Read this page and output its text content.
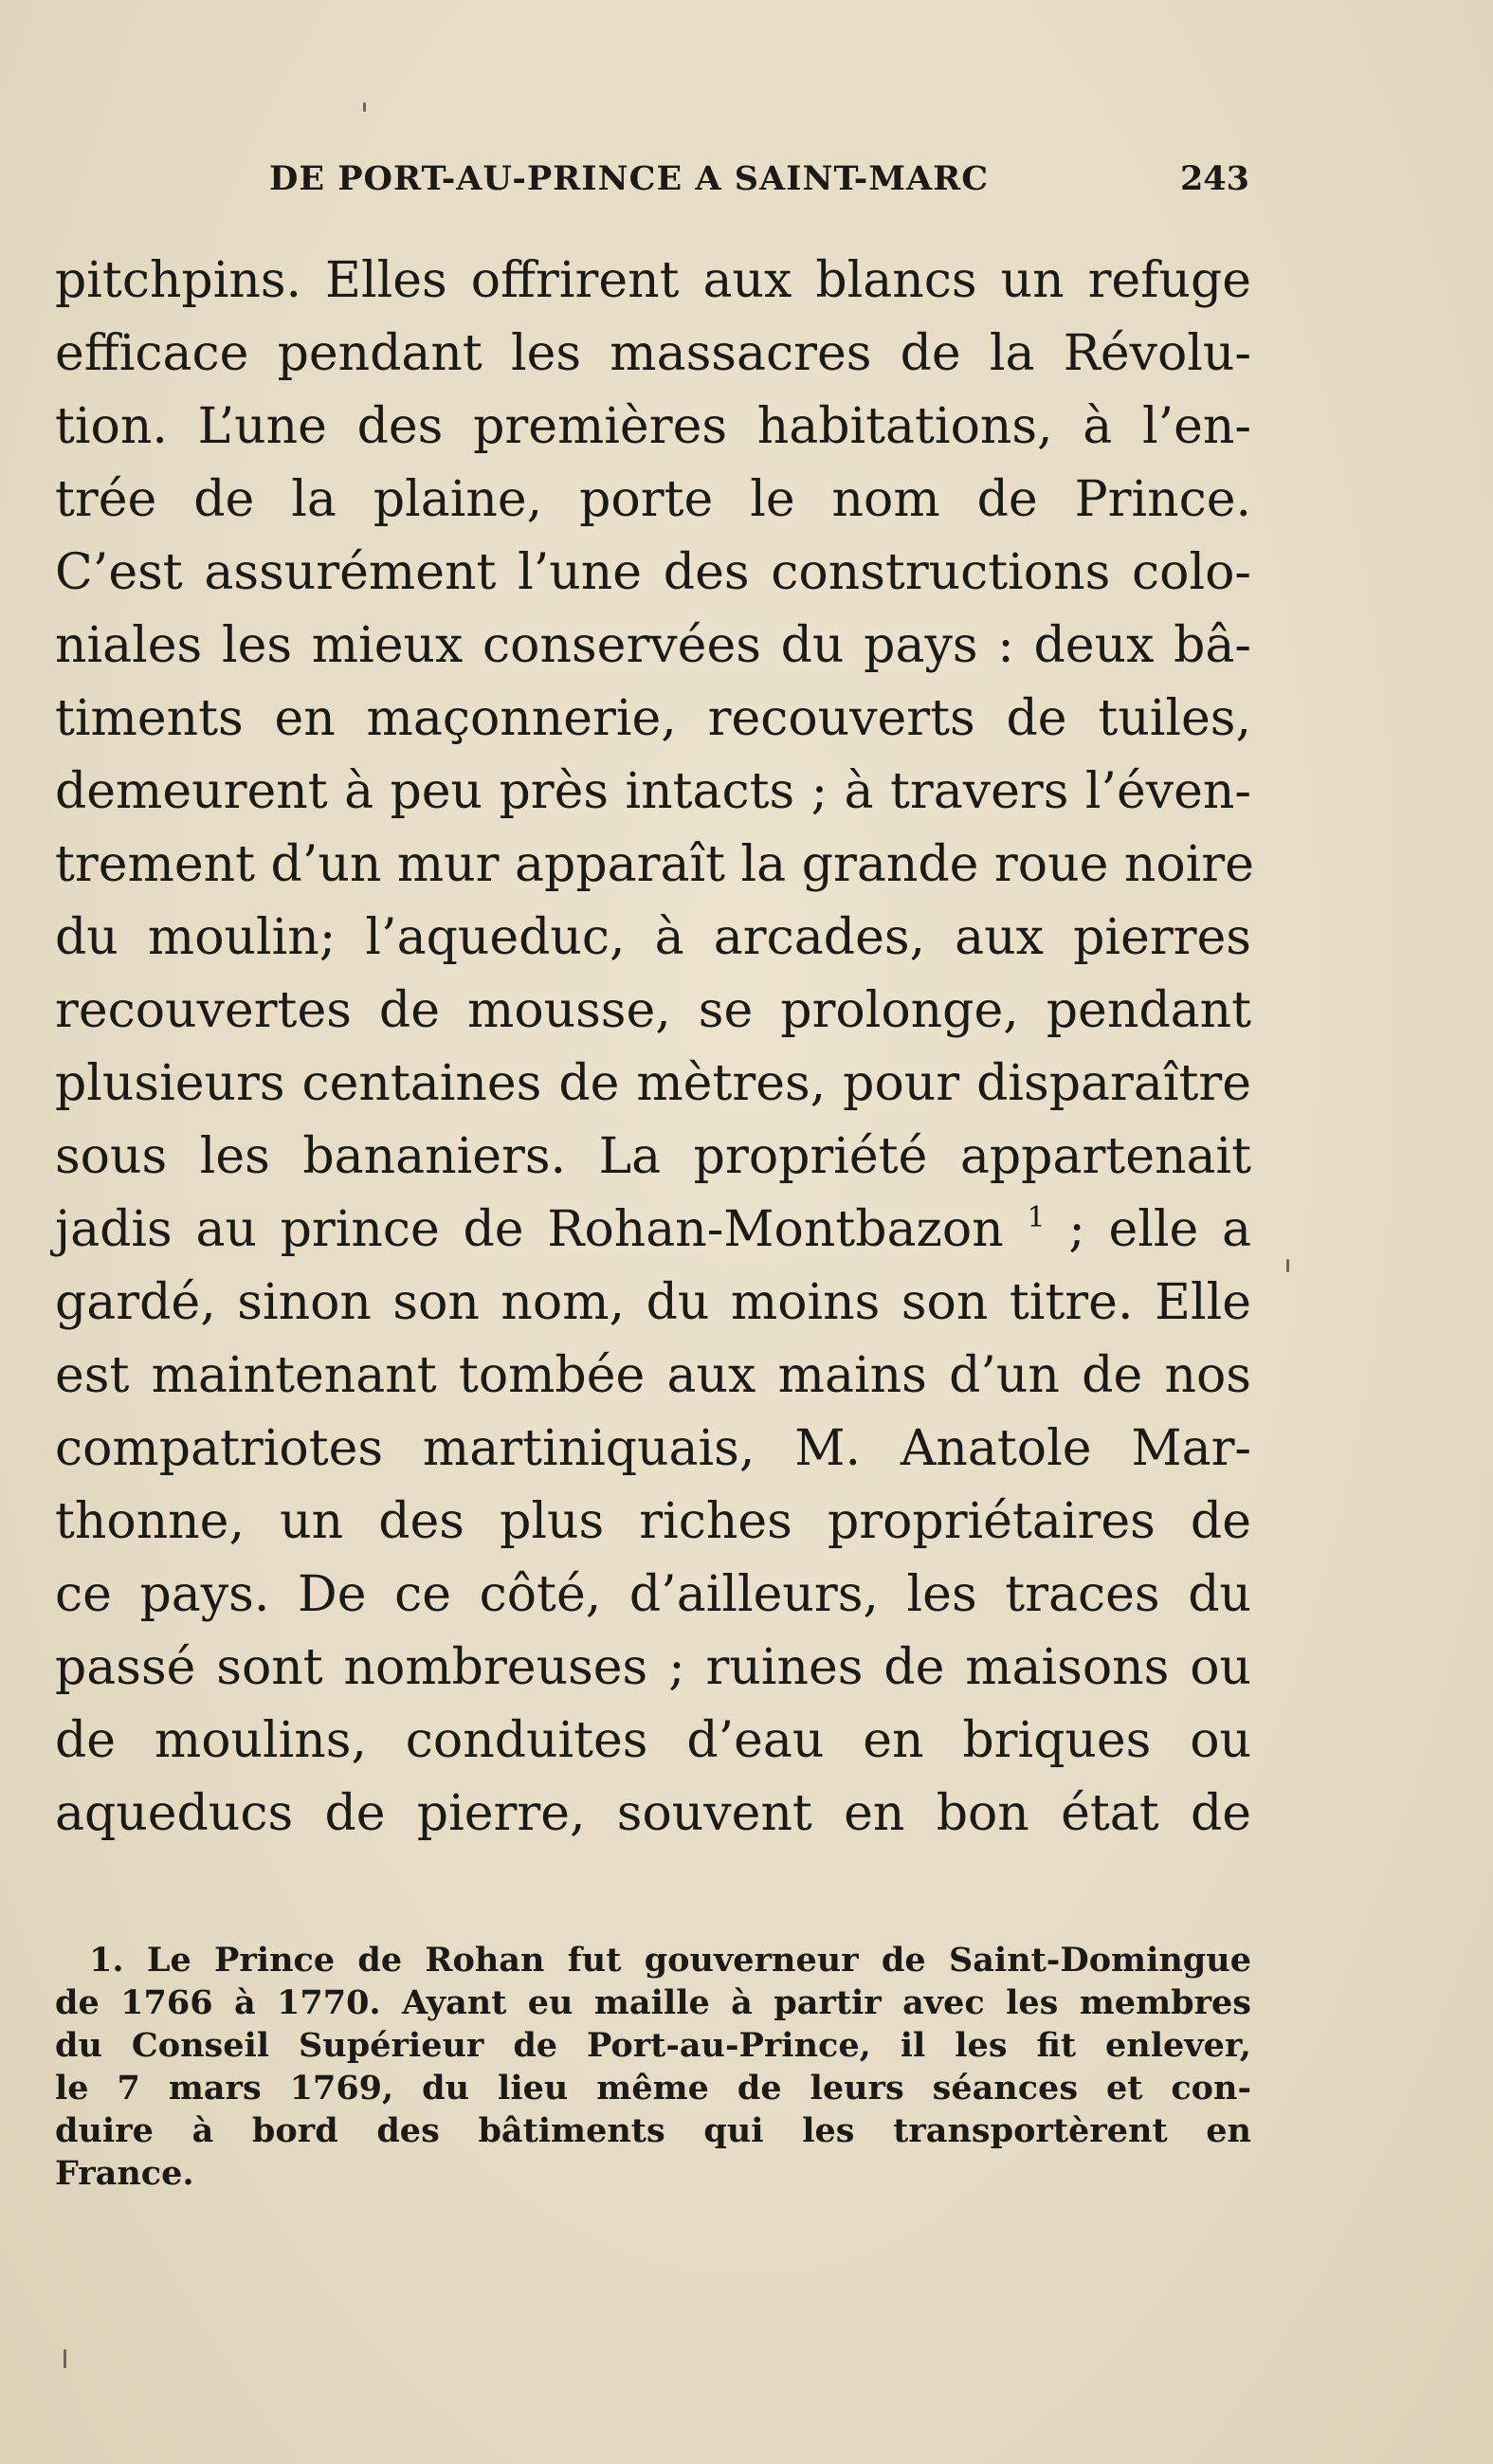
DE PORT-AU-PRINCE A SAINT-MARC	243
pitchpins. Elles offrirent aux blancs un refuge
efficace pendant les massacres de la Révolu-
tion. L’une des premières habitations, à l’en-
trée de la plaine, porte le nom de Prince.
C’est assurément l’une des constructions colo-
niales les mieux conservées du pays : deux bâ-
timents en maçonnerie, recouverts de tuiles,
demeurent à peu près intacts ; à travers l’éven-
trement d’un mur apparaît la grande roue noire
du moulin; l’aqueduc, à arcades, aux pierres
recouvertes de mousse, se prolonge, pendant
plusieurs centaines de mètres, pour disparaître
sous les bananiers. La propriété appartenait
jadis au prince de Rohan-Montbazon $^1$ ; elle a
gardé, sinon son nom, du moins son titre. Elle
est maintenant tombée aux mains d’un de nos
compatriotes martiniquais, M. Anatole Mar-
thonne, un des plus riches propriétaires de
ce pays. De ce côté, d’ailleurs, les traces du
passé sont nombreuses ; ruines de maisons ou
de moulins, conduites d’eau en briques ou
aqueducs de pierre, souvent en bon état de
1. Le Prince de Rohan fut gouverneur de Saint-Domingue
de 1766 à 1770. Ayant eu maille à partir avec les membres
du Conseil Supérieur de Port-au-Prince, il les fit enlever,
le 7 mars 1769, du lieu même de leurs séances et con-
duire à bord des bâtiments qui les transportèrent en
France.
